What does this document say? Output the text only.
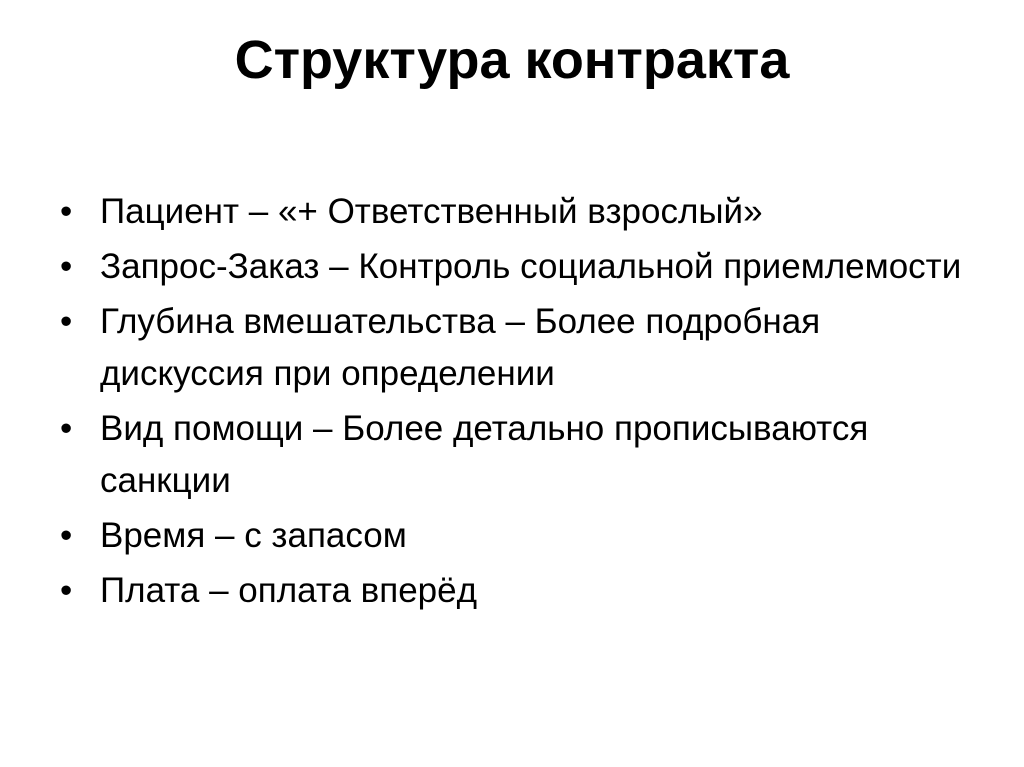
Структура контракта
• Пациент – «+ Ответственный взрослый»
• Запрос-Заказ – Контроль социальной приемлемости
• Глубина вмешательства – Более подробная дискуссия при определении
• Вид помощи – Более детально прописываются санкции
• Время – с запасом
• Плата – оплата вперёд
